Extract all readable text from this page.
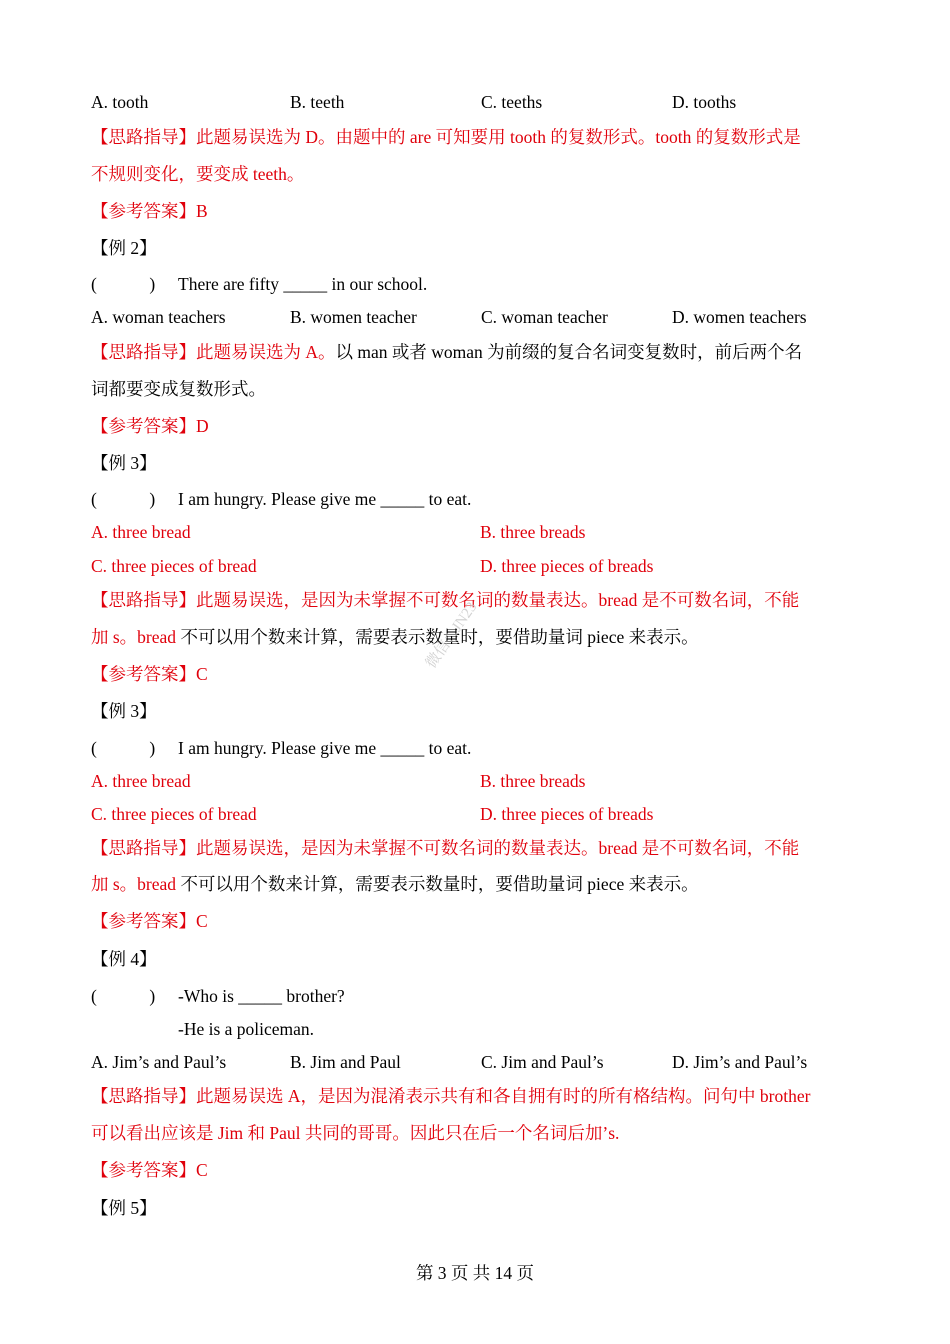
A. tooth	B. teeth	C. teeths	D. tooths
【思路指导】此题易误选为 D。由题中的 are 可知要用 tooth 的复数形式。tooth 的复数形式是
不规则变化，要变成 teeth。
【参考答案】B
【例 2】
(　　　) There are fifty _____ in our school.
A. woman teachers	B. women teacher	C. woman teacher	D. women teachers
【思路指导】此题易误选为 A。以 man 或者 woman 为前缀的复合名词变复数时，前后两个名
词都要变成复数形式。
【参考答案】D
【例 3】
(　　　) I am hungry. Please give me _____ to eat.
A. three bread	B. three breads
C. three pieces of bread	D. three pieces of breads
【思路指导】此题易误选，是因为未掌握不可数名词的数量表达。bread 是不可数名词，不能
加 s。bread 不可以用个数来计算，需要表示数量时，要借助量词 piece 来表示。
【参考答案】C
【例 3】
(　　　) I am hungry. Please give me _____ to eat.
A. three bread	B. three breads
C. three pieces of bread	D. three pieces of breads
【思路指导】此题易误选，是因为未掌握不可数名词的数量表达。bread 是不可数名词，不能
加 s。bread 不可以用个数来计算，需要表示数量时，要借助量词 piece 来表示。
【参考答案】C
【例 4】
(　　　) -Who is _____ brother?
-He is a policeman.
A. Jim’s and Paul’s	B. Jim and Paul	C. Jim and Paul’s	D. Jim’s and Paul’s
【思路指导】此题易误选 A，是因为混淆表示共有和各自拥有时的所有格结构。问句中 brother
可以看出应该是 Jim 和 Paul 共同的哥哥。因此只在后一个名词后加’s.
【参考答案】C
【例 5】
微信：JN23
第 3 页 共 14 页
